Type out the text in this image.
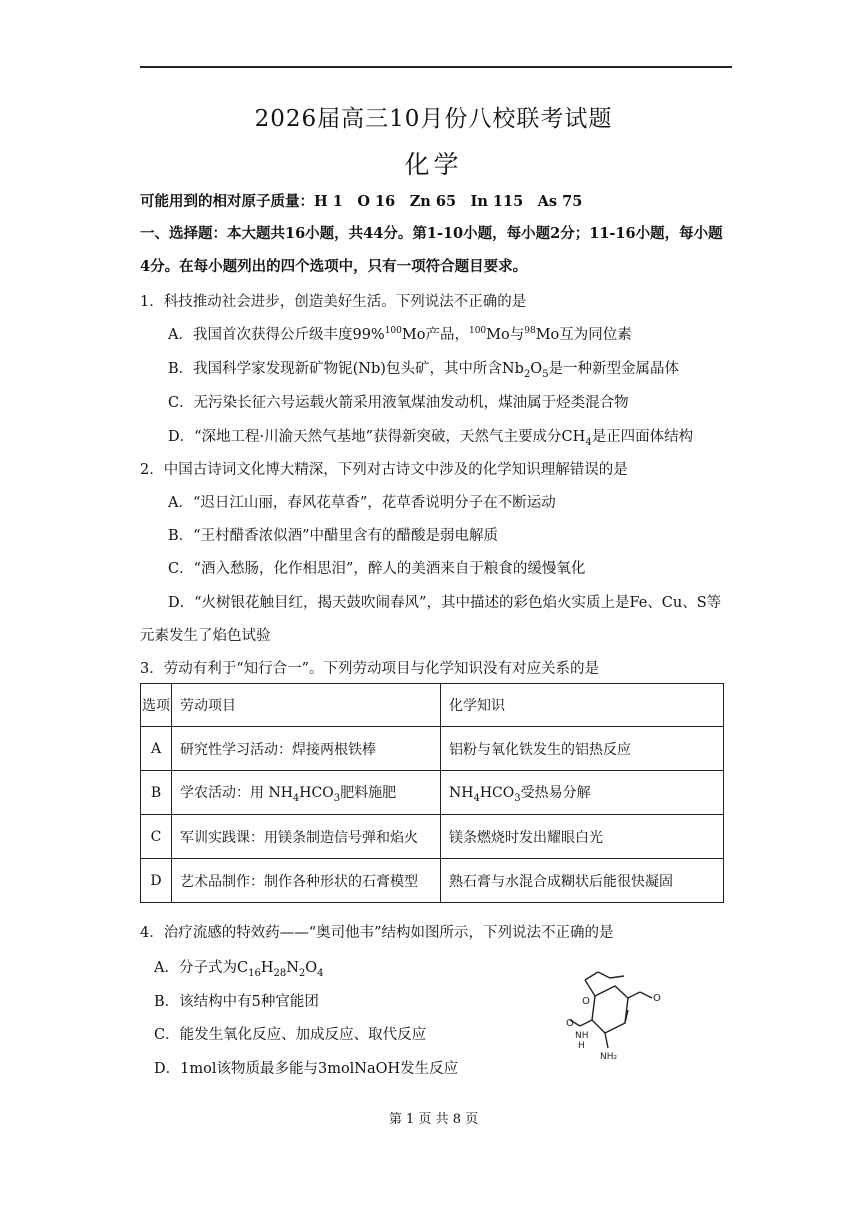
2026届高三10月份八校联考试题
化学
可能用到的相对原子质量：H 1　O 16　Zn 65　In 115　As 75
一、选择题：本大题共16小题，共44分。第1-10小题，每小题2分；11-16小题，每小题
4分。在每小题列出的四个选项中，只有一项符合题目要求。
1．科技推动社会进步，创造美好生活。下列说法不正确的是
A．我国首次获得公斤级丰度99%$^{100}$Mo产品，$^{100}$Mo与$^{98}$Mo互为同位素
B．我国科学家发现新矿物铌(Nb)包头矿，其中所含$Nb_2O_5$是一种新型金属晶体
C．无污染长征六号运载火箭采用液氧煤油发动机，煤油属于烃类混合物
D．“深地工程·川渝天然气基地”获得新突破，天然气主要成分$CH_4$是正四面体结构
2．中国古诗词文化博大精深，下列对古诗文中涉及的化学知识理解错误的是
A．“迟日江山丽，春风花草香”，花草香说明分子在不断运动
B．“王村醋香浓似酒”中醋里含有的醋酸是弱电解质
C．“酒入愁肠，化作相思泪”，醉人的美酒来自于粮食的缓慢氧化
D．“火树银花触目红，揭天鼓吹闹春风”，其中描述的彩色焰火实质上是Fe、Cu、S等
元素发生了焰色试验
3．劳动有利于“知行合一”。下列劳动项目与化学知识没有对应关系的是
选项	劳动项目	化学知识
A	研究性学习活动：焊接两根铁棒	铝粉与氧化铁发生的铝热反应
B	学农活动：用 $NH_4HCO_3$肥料施肥	$NH_4HCO_3$受热易分解
C	军训实践课：用镁条制造信号弹和焰火	镁条燃烧时发出耀眼白光
D	艺术品制作：制作各种形状的石膏模型	熟石膏与水混合成糊状后能很快凝固
4．治疗流感的特效药——“奥司他韦”结构如图所示，下列说法不正确的是
A．分子式为$C_{16}H_{28}N_2O_4$
B．该结构中有5种官能团
C．能发生氧化反应、加成反应、取代反应
D．1mol该物质最多能与3molNaOH发生反应
O
O
O
NH
H
NH₂
第 1 页 共 8 页
